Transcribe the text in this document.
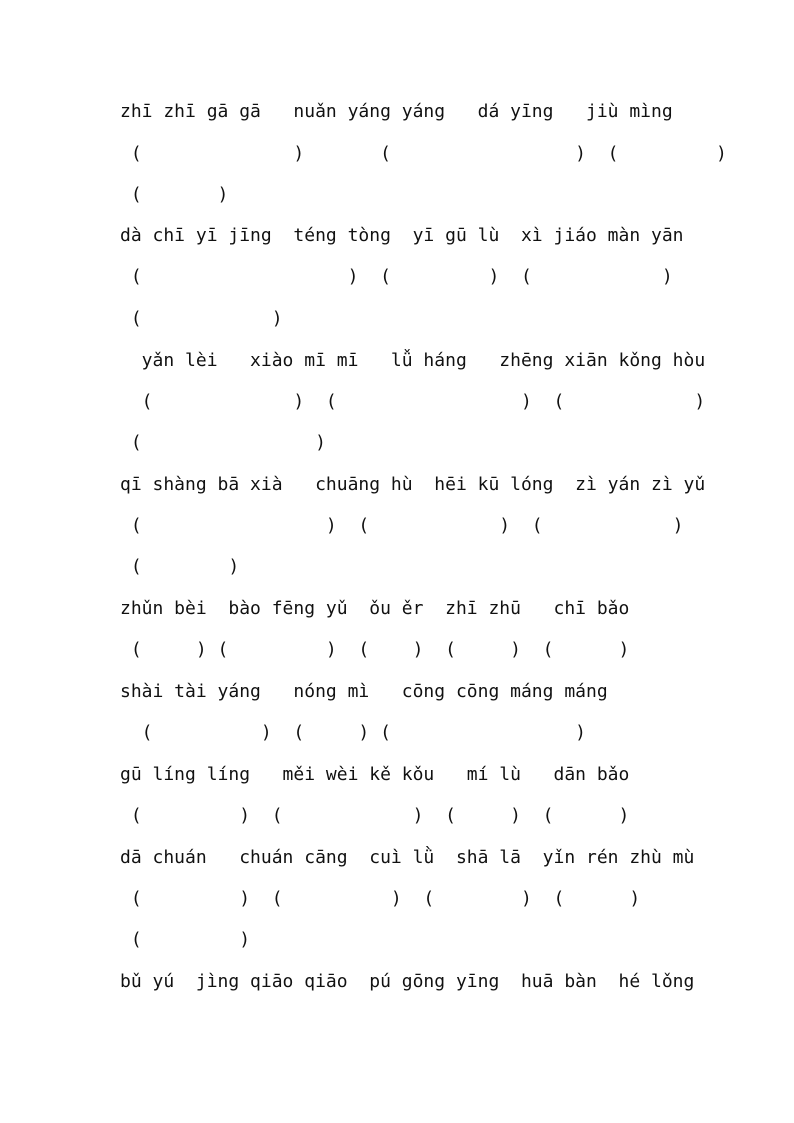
zhī zhī gā gā   nuǎn yáng yáng   dá yīng   jiù mìng
(              )       (                 )  (         )
(       )
dà chī yī jīng  téng tòng  yī gū lù  xì jiáo màn yān
(                   )  (         )  (            )
(            )
yǎn lèi   xiào mī mī   lǚ háng   zhēng xiān kǒng hòu
(             )  (                 )  (            )
(                )
qī shàng bā xià   chuāng hù  hēi kū lóng  zì yán zì yǔ
(                 )  (            )  (            )
(        )
zhǔn bèi  bào fēng yǔ  ǒu ěr  zhī zhū   chī bǎo
(     ) (         )  (    )  (     )  (      )
shài tài yáng   nóng mì   cōng cōng máng máng
(          )  (     ) (                 )
gū líng líng   měi wèi kě kǒu   mí lù   dān bǎo
(         )  (            )  (     )  (      )
dā chuán   chuán cāng  cuì lǜ  shā lā  yǐn rén zhù mù
(         )  (          )  (        )  (      )
(         )
bǔ yú  jìng qiāo qiāo  pú gōng yīng  huā bàn  hé lǒng
